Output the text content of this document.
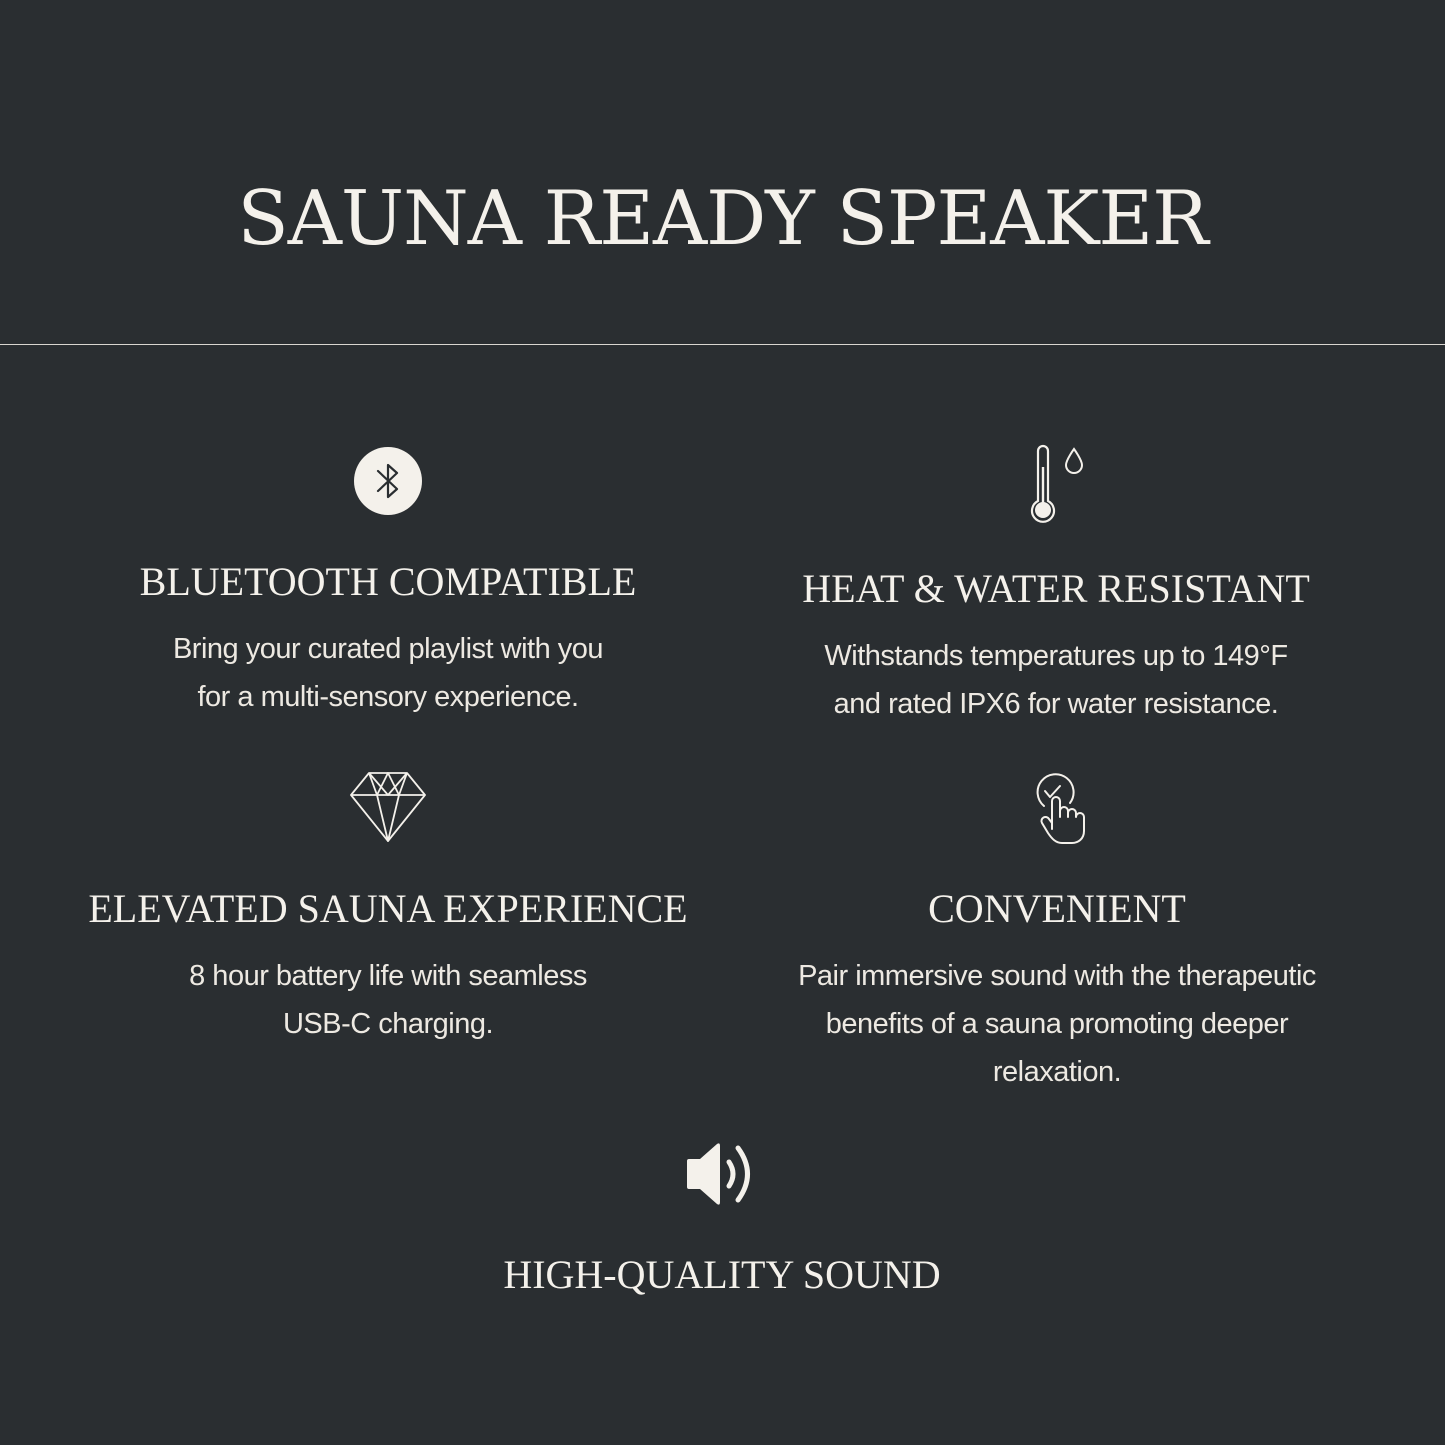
SAUNA READY SPEAKER
BLUETOOTH COMPATIBLE
Bring your curated playlist with you
for a multi-sensory experience.
HEAT & WATER RESISTANT
Withstands temperatures up to 149°F
and rated IPX6 for water resistance.
ELEVATED SAUNA EXPERIENCE
8 hour battery life with seamless
USB-C charging.
CONVENIENT
Pair immersive sound with the therapeutic
benefits of a sauna promoting deeper
relaxation.
HIGH-QUALITY SOUND
